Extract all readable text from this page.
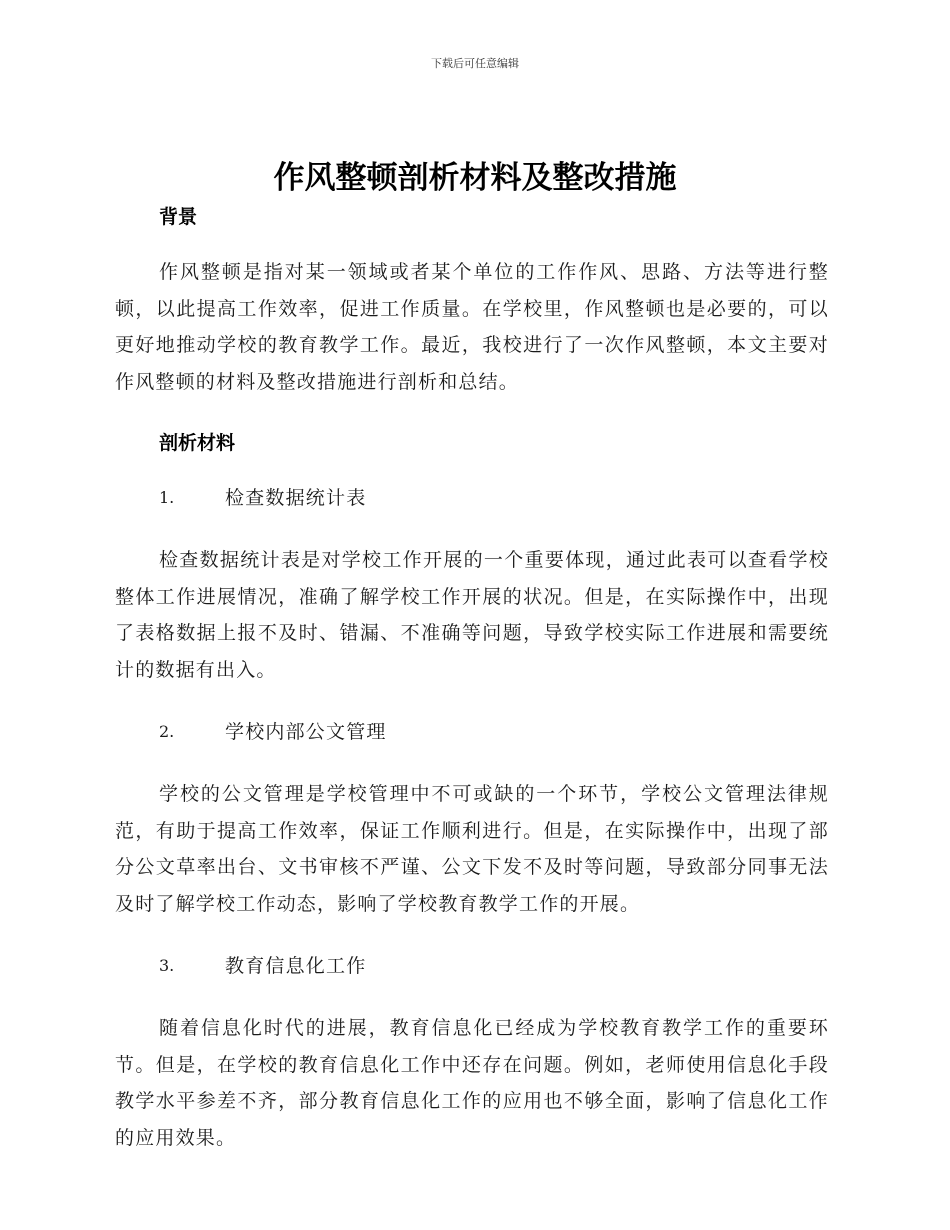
下载后可任意编辑
作风整顿剖析材料及整改措施
背景

作风整顿是指对某一领域或者某个单位的工作作风、思路、方法等进行整顿，以此提高工作效率，促进工作质量。在学校里，作风整顿也是必要的，可以更好地推动学校的教育教学工作。最近，我校进行了一次作风整顿，本文主要对作风整顿的材料及整改措施进行剖析和总结。

剖析材料
1.	检查数据统计表

检查数据统计表是对学校工作开展的一个重要体现，通过此表可以查看学校整体工作进展情况，准确了解学校工作开展的状况。但是，在实际操作中，出现了表格数据上报不及时、错漏、不准确等问题，导致学校实际工作进展和需要统计的数据有出入。

2.	学校内部公文管理

学校的公文管理是学校管理中不可或缺的一个环节，学校公文管理法律规范，有助于提高工作效率，保证工作顺利进行。但是，在实际操作中，出现了部分公文草率出台、文书审核不严谨、公文下发不及时等问题，导致部分同事无法及时了解学校工作动态，影响了学校教育教学工作的开展。

3.	教育信息化工作

随着信息化时代的进展，教育信息化已经成为学校教育教学工作的重要环节。但是，在学校的教育信息化工作中还存在问题。例如，老师使用信息化手段教学水平参差不齐，部分教育信息化工作的应用也不够全面，影响了信息化工作的应用效果。
